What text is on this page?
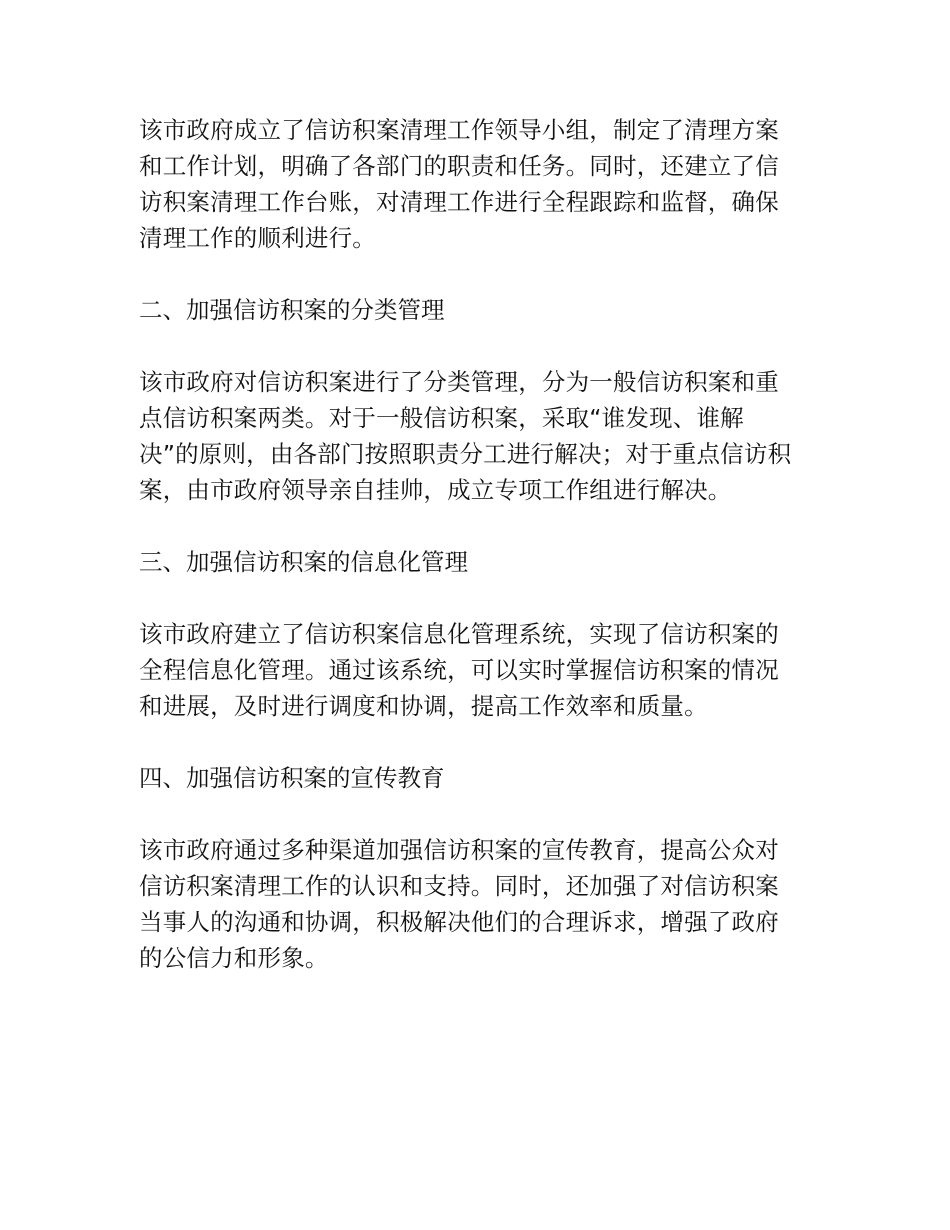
该市政府成立了信访积案清理工作领导小组，制定了清理方案和工作计划，明确了各部门的职责和任务。同时，还建立了信访积案清理工作台账，对清理工作进行全程跟踪和监督，确保清理工作的顺利进行。

二、加强信访积案的分类管理

该市政府对信访积案进行了分类管理，分为一般信访积案和重点信访积案两类。对于一般信访积案，采取“谁发现、谁解决”的原则，由各部门按照职责分工进行解决；对于重点信访积案，由市政府领导亲自挂帅，成立专项工作组进行解决。

三、加强信访积案的信息化管理

该市政府建立了信访积案信息化管理系统，实现了信访积案的全程信息化管理。通过该系统，可以实时掌握信访积案的情况和进展，及时进行调度和协调，提高工作效率和质量。

四、加强信访积案的宣传教育

该市政府通过多种渠道加强信访积案的宣传教育，提高公众对信访积案清理工作的认识和支持。同时，还加强了对信访积案当事人的沟通和协调，积极解决他们的合理诉求，增强了政府的公信力和形象。
